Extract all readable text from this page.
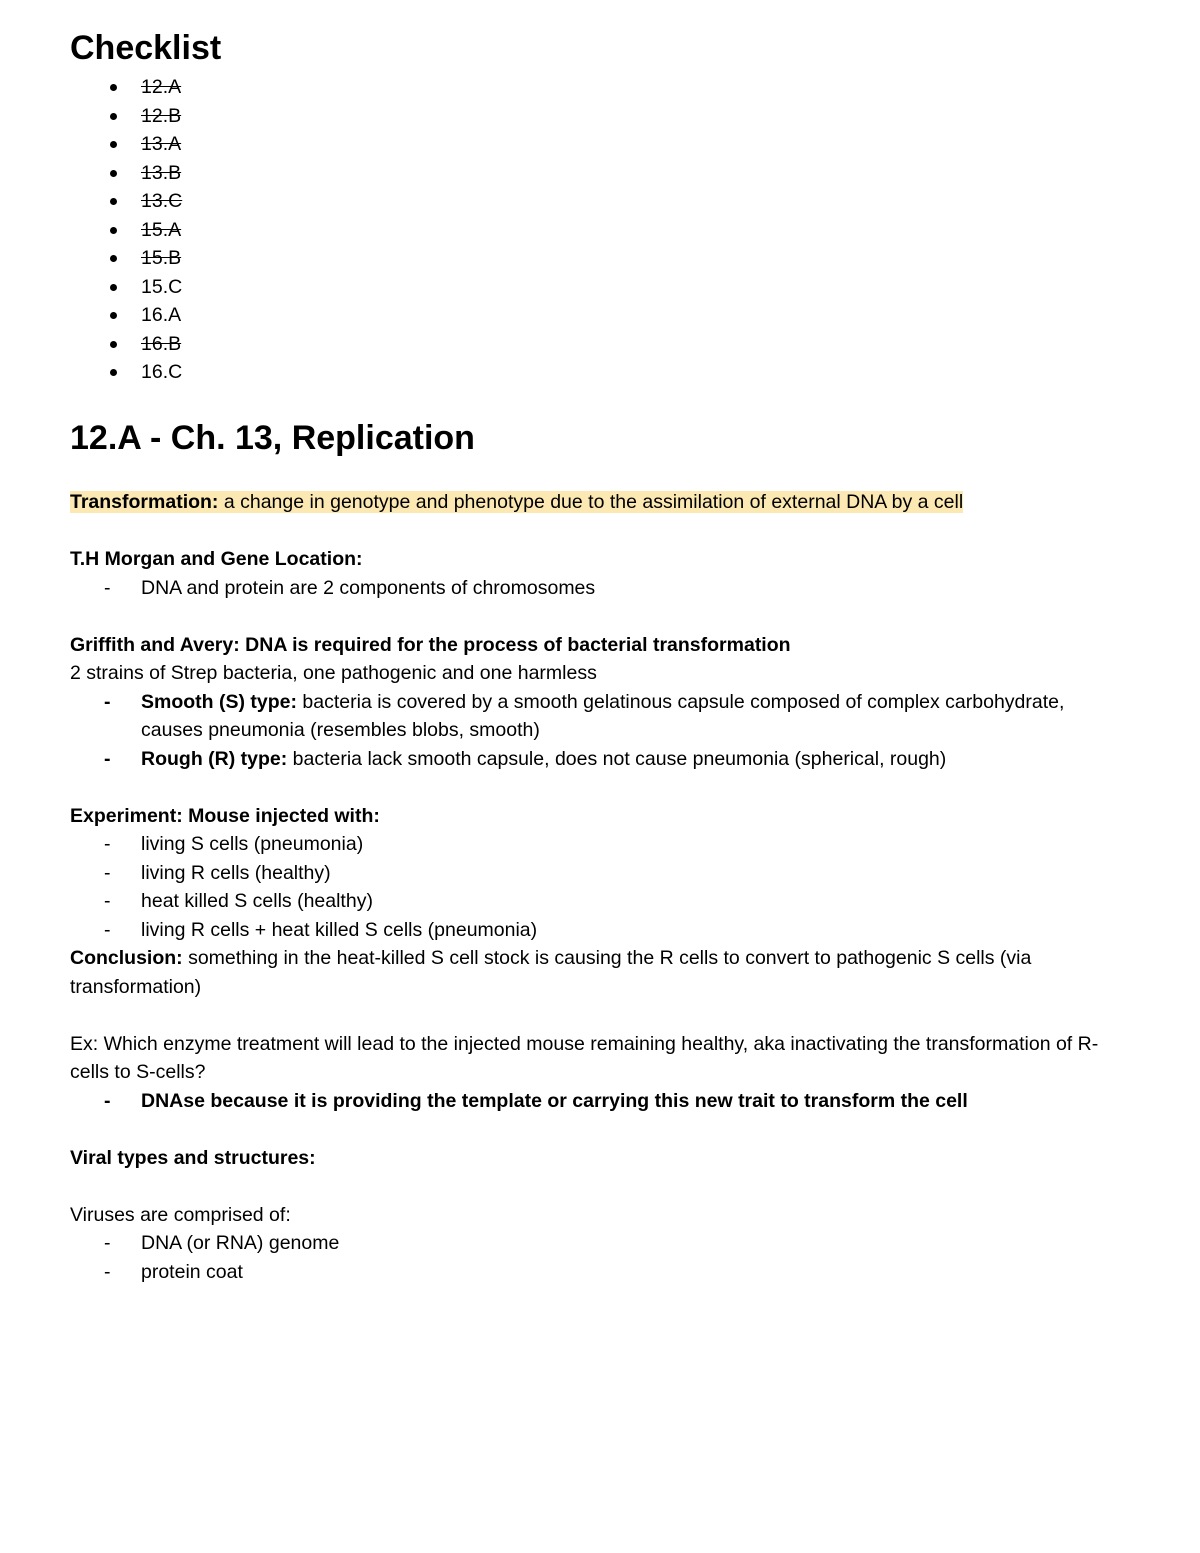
Checklist
12.A
12.B
13.A
13.B
13.C
15.A
15.B
15.C
16.A
16.B
16.C
12.A - Ch. 13, Replication

Transformation: a change in genotype and phenotype due to the assimilation of external DNA by a cell

T.H Morgan and Gene Location:

- DNA and protein are 2 components of chromosomes

Griffith and Avery: DNA is required for the process of bacterial transformation

2 strains of Strep bacteria, one pathogenic and one harmless

- Smooth (S) type: bacteria is covered by a smooth gelatinous capsule composed of complex carbohydrate, causes pneumonia (resembles blobs, smooth)
- Rough (R) type: bacteria lack smooth capsule, does not cause pneumonia (spherical, rough)

Experiment: Mouse injected with:

- living S cells (pneumonia)
- living R cells (healthy)
- heat killed S cells (healthy)
- living R cells + heat killed S cells (pneumonia)

Conclusion: something in the heat-killed S cell stock is causing the R cells to convert to pathogenic S cells (via transformation)

Ex: Which enzyme treatment will lead to the injected mouse remaining healthy, aka inactivating the transformation of R-cells to S-cells?

- DNAse because it is providing the template or carrying this new trait to transform the cell

Viral types and structures:

Viruses are comprised of:

- DNA (or RNA) genome
- protein coat
